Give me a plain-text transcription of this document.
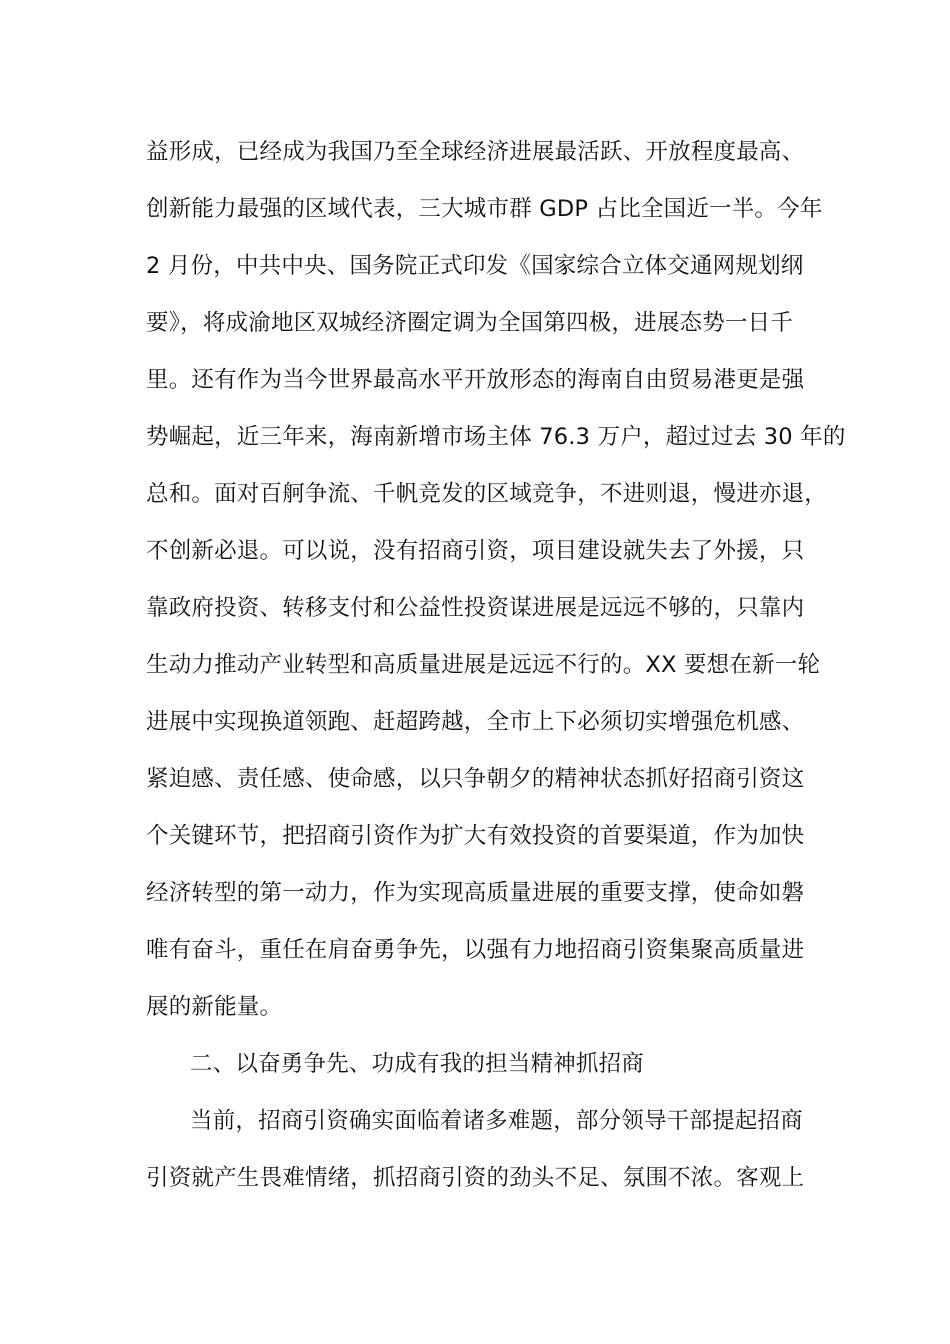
益形成，已经成为我国乃至全球经济进展最活跃、开放程度最高、
创新能力最强的区域代表，三大城市群 GDP 占比全国近一半。今年
2 月份，中共中央、国务院正式印发《国家综合立体交通网规划纲
要》，将成渝地区双城经济圈定调为全国第四极，进展态势一日千
里。还有作为当今世界最高水平开放形态的海南自由贸易港更是强
势崛起，近三年来，海南新增市场主体 76.3 万户，超过过去 30 年的
总和。面对百舸争流、千帆竞发的区域竞争，不进则退，慢进亦退，
不创新必退。可以说，没有招商引资，项目建设就失去了外援，只
靠政府投资、转移支付和公益性投资谋进展是远远不够的，只靠内
生动力推动产业转型和高质量进展是远远不行的。XX 要想在新一轮
进展中实现换道领跑、赶超跨越，全市上下必须切实增强危机感、
紧迫感、责任感、使命感，以只争朝夕的精神状态抓好招商引资这
个关键环节，把招商引资作为扩大有效投资的首要渠道，作为加快
经济转型的第一动力，作为实现高质量进展的重要支撑，使命如磐
唯有奋斗，重任在肩奋勇争先，以强有力地招商引资集聚高质量进
展的新能量。
二、以奋勇争先、功成有我的担当精神抓招商
当前，招商引资确实面临着诸多难题，部分领导干部提起招商
引资就产生畏难情绪，抓招商引资的劲头不足、氛围不浓。客观上
